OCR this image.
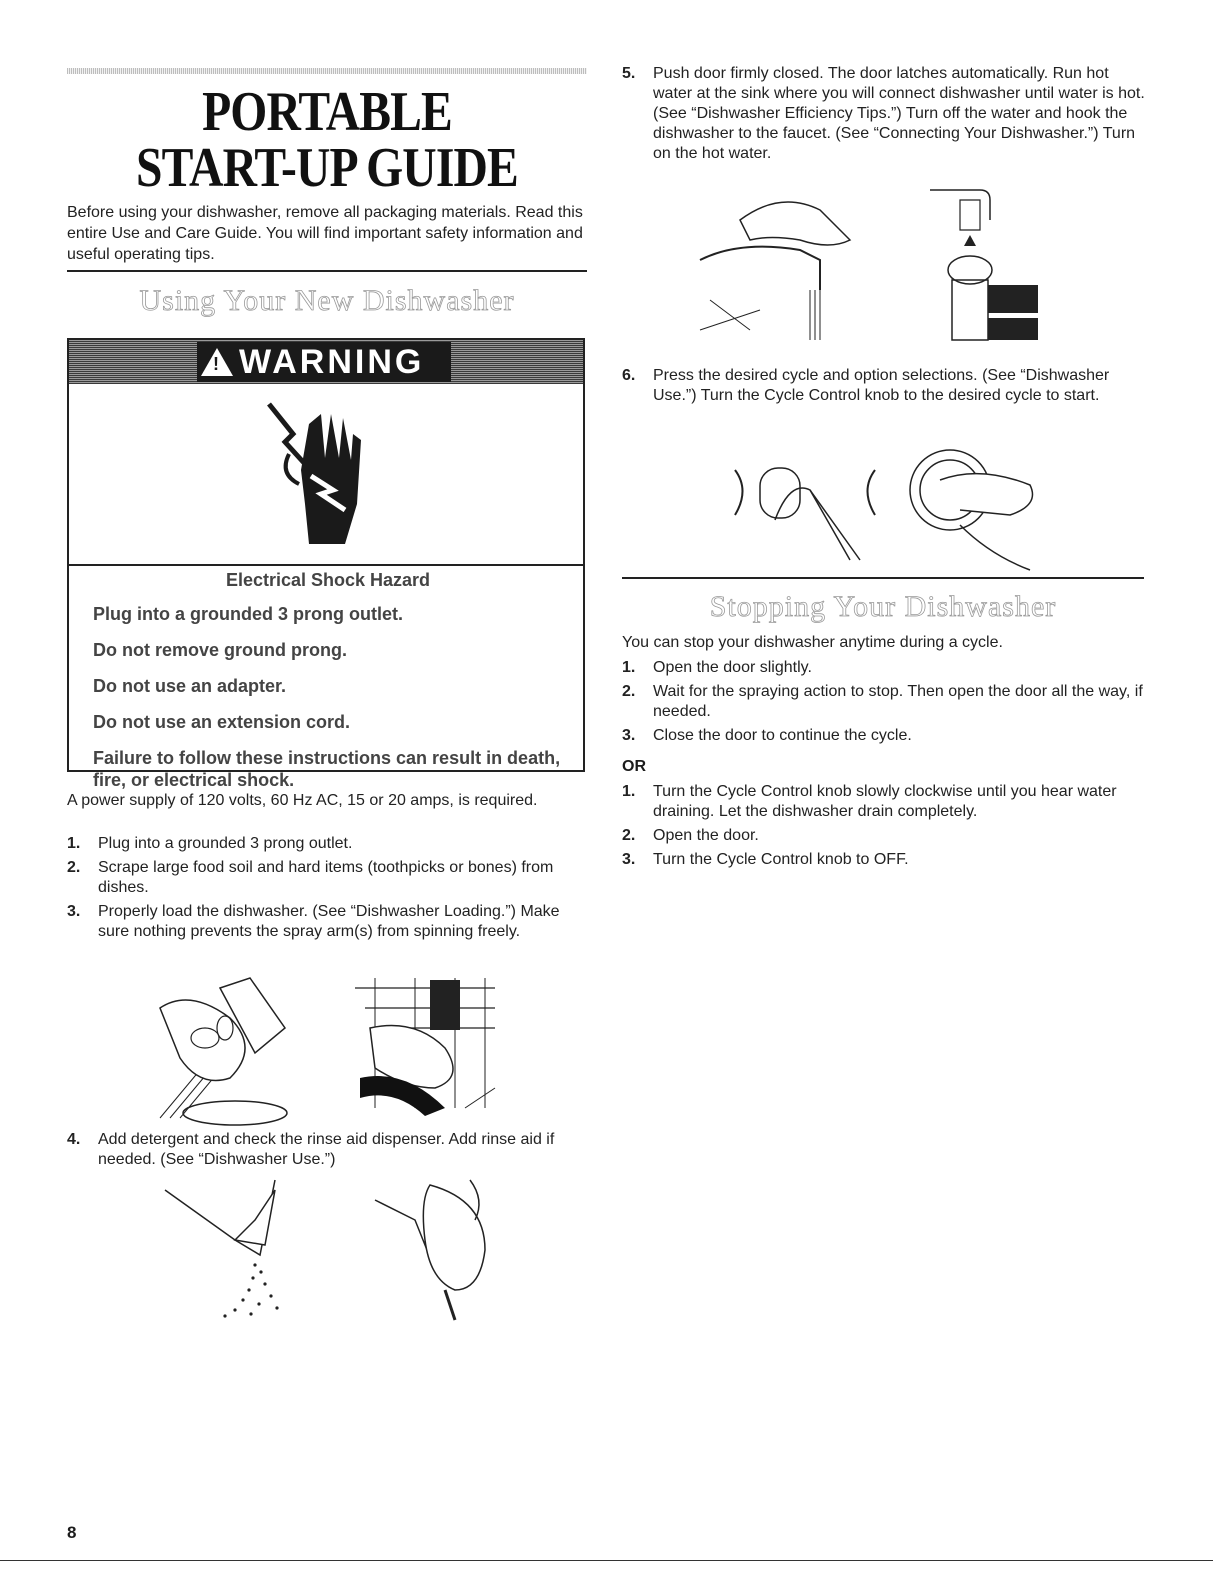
PORTABLE
START-UP GUIDE

Before using your dishwasher, remove all packaging materials. Read this entire Use and Care Guide. You will find important safety information and useful operating tips.

Using Your New Dishwasher
! WARNING
Electrical Shock Hazard
Plug into a grounded 3 prong outlet.
Do not remove ground prong.
Do not use an adapter.
Do not use an extension cord.
Failure to follow these instructions can result in death, fire, or electrical shock.

A power supply of 120 volts, 60 Hz AC, 15 or 20 amps, is required.

1. Plug into a grounded 3 prong outlet.
2. Scrape large food soil and hard items (toothpicks or bones) from dishes.
3. Properly load the dishwasher. (See “Dishwasher Loading.”) Make sure nothing prevents the spray arm(s) from spinning freely.
4. Add detergent and check the rinse aid dispenser. Add rinse aid if needed. (See “Dishwasher Use.”)
8
5. Push door firmly closed. The door latches automatically. Run hot water at the sink where you will connect dishwasher until water is hot. (See “Dishwasher Efficiency Tips.”) Turn off the water and hook the dishwasher to the faucet. (See “Connecting Your Dishwasher.”) Turn on the hot water.
6. Press the desired cycle and option selections. (See “Dishwasher Use.”) Turn the Cycle Control knob to the desired cycle to start.
Stopping Your Dishwasher

You can stop your dishwasher anytime during a cycle.

1. Open the door slightly.
2. Wait for the spraying action to stop. Then open the door all the way, if needed.
3. Close the door to continue the cycle.
OR
1. Turn the Cycle Control knob slowly clockwise until you hear water draining. Let the dishwasher drain completely.
2. Open the door.
3. Turn the Cycle Control knob to OFF.
